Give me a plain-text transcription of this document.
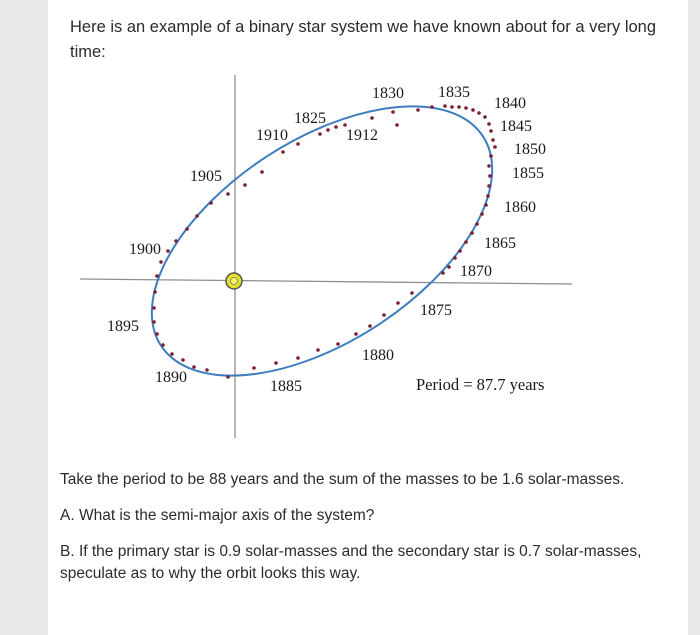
Here is an example of a binary star system we have known about for a very long time:
1830 1835
1840
1825	1845
1910	1912
1850
1855
1905
1860
1900	1865
1870
1875
1895
1880
1890
1885	Period = 87.7 years
Take the period to be 88 years and the sum of the masses to be 1.6 solar-masses.
A. What is the semi-major axis of the system?
B. If the primary star is 0.9 solar-masses and the secondary star is 0.7 solar-masses, speculate as to why the orbit looks this way.
